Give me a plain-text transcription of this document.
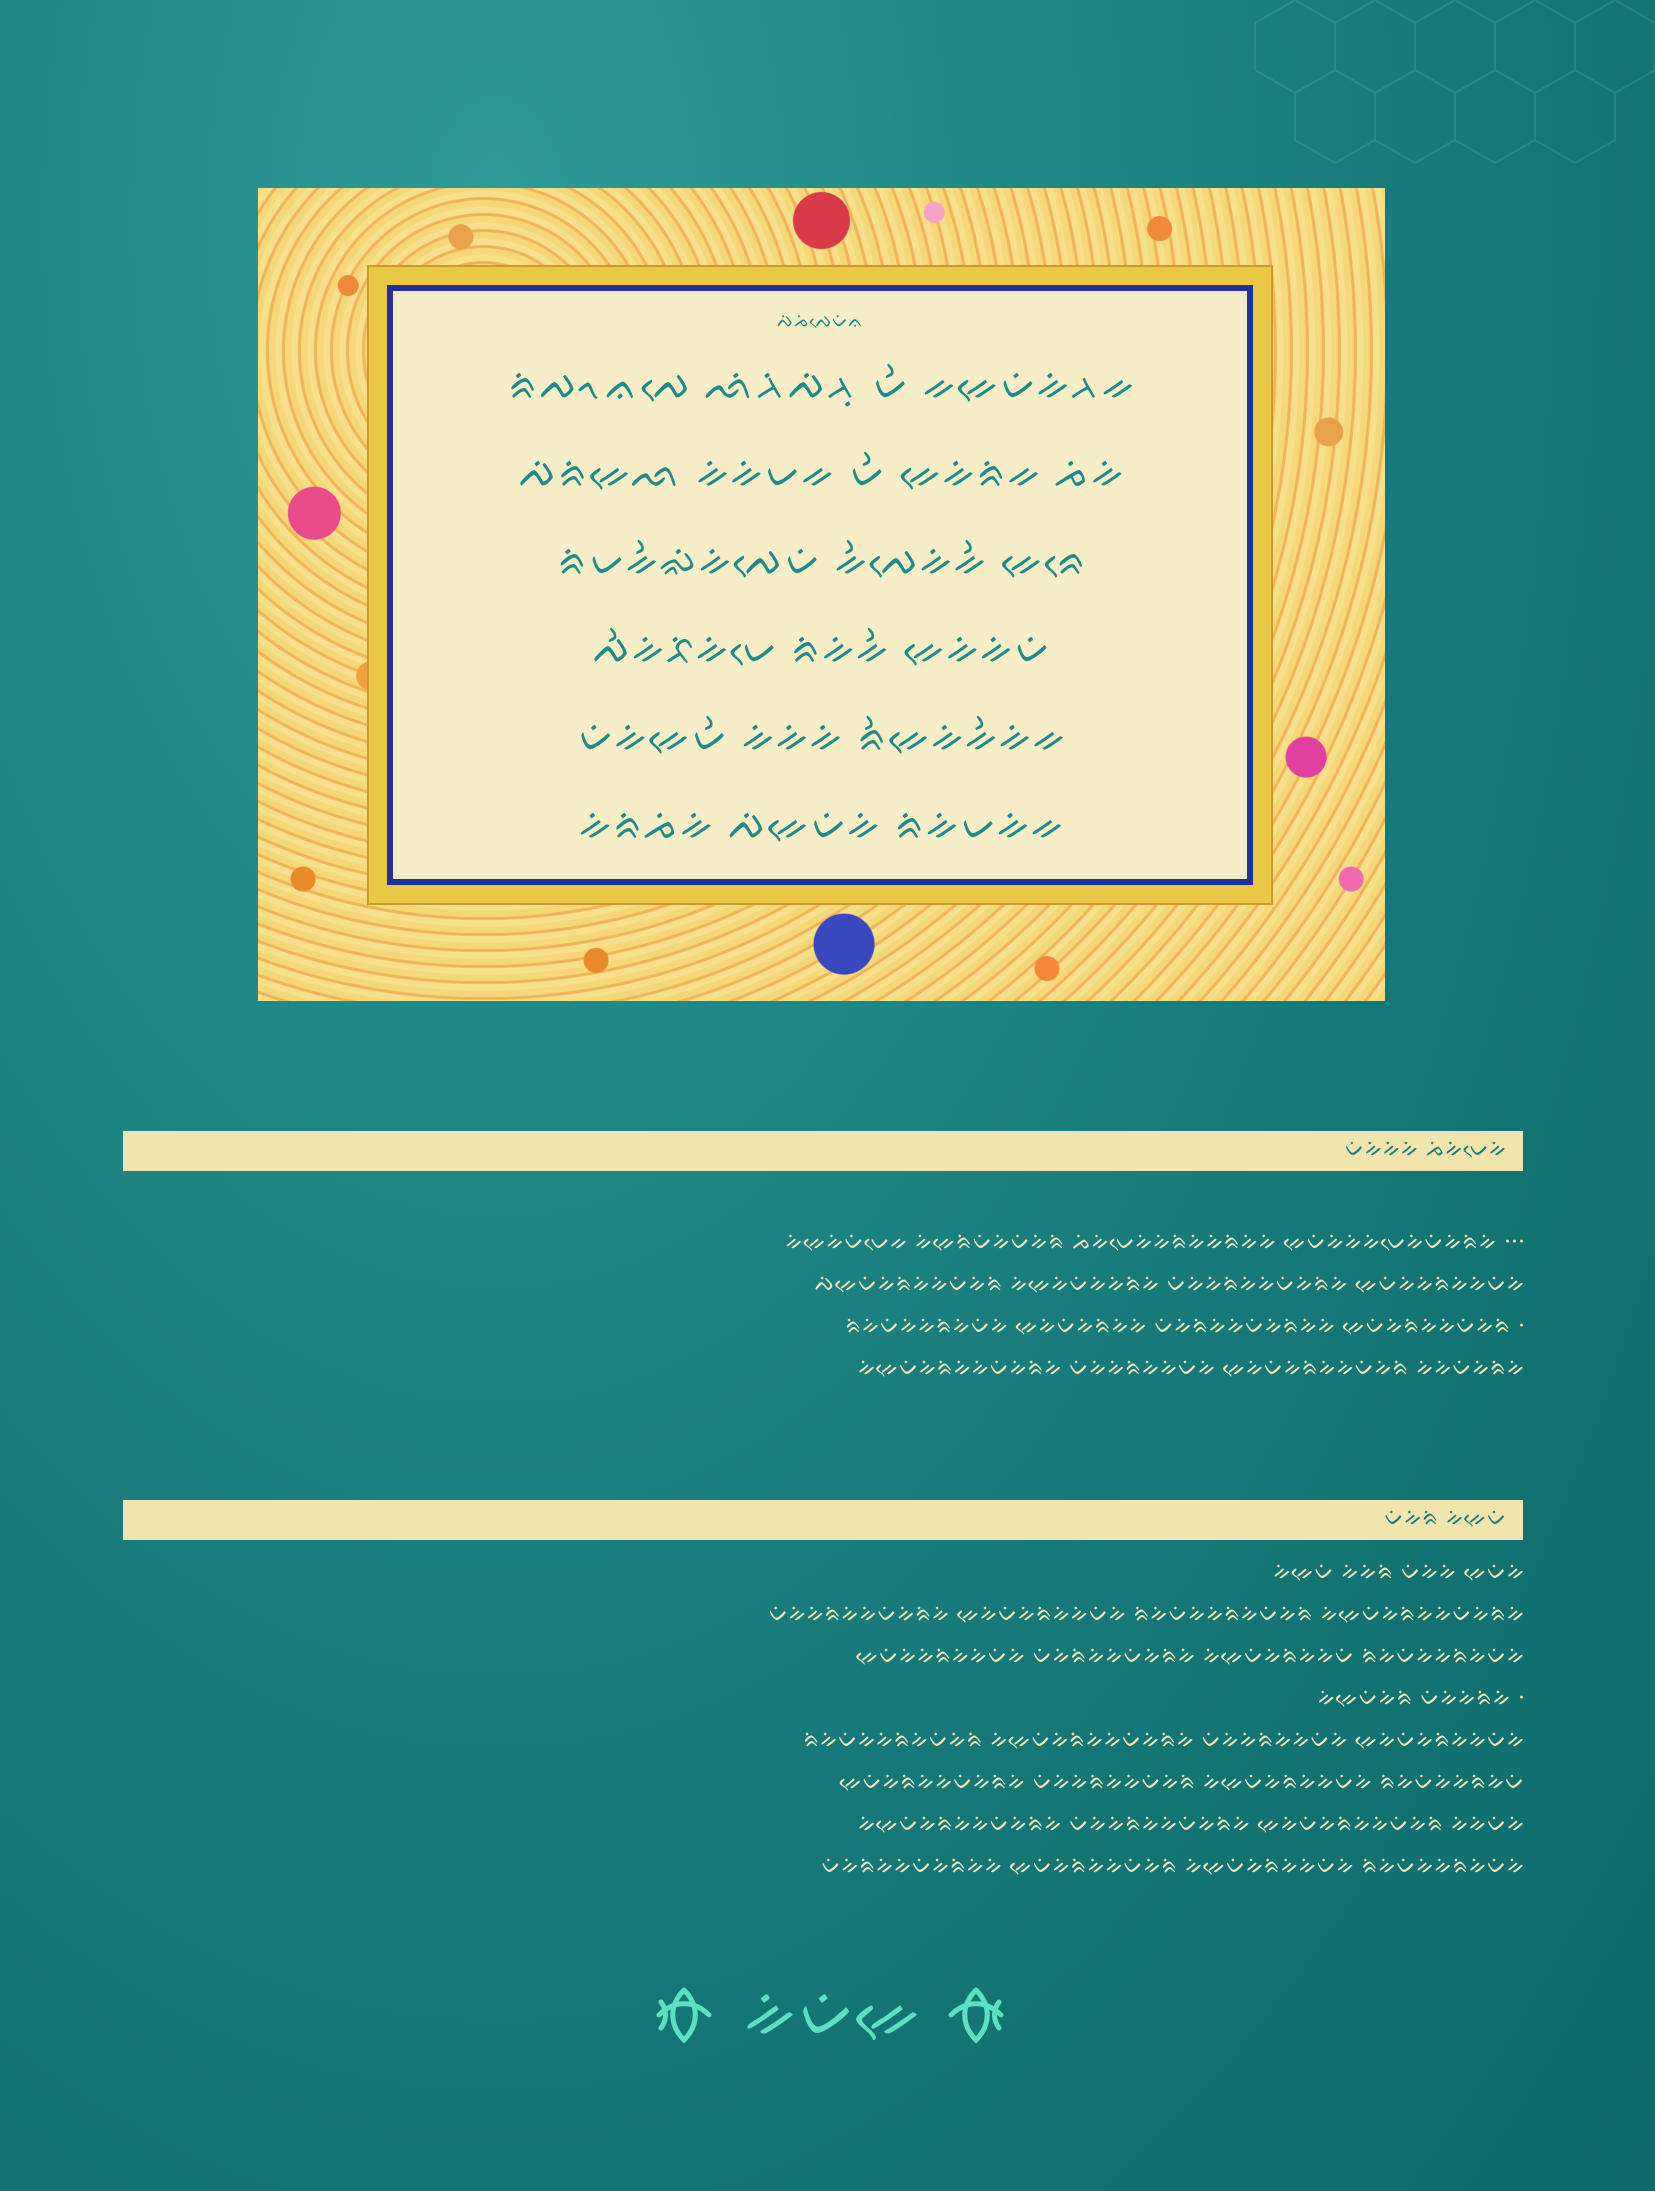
ᨄᨗᨍᨗᨄᨙᨆᨗᨊ
ᨑᨗᨄᨚᨊᨄᨙ ᨒᨗᨂᨗᨄᨗᨂᨘ ᨆᨛ ᨀᨀᨙᨆᨗᨀᨗᨂᨀ
ᨄᨗᨑᨗᨀᨙᨒ ᨀᨗᨀᨗᨆᨀ ᨆᨛ ᨀᨙᨀᨗᨑᨗᨀ ᨍᨗᨀᨗ
ᨑᨗᨆᨀᨛᨋᨗᨀᨗᨄᨙᨆᨗ ᨀᨛᨄᨙᨀᨗᨀᨛ ᨀᨙᨑᨙ
ᨄᨛᨀᨗᨅᨗᨀᨗᨆᨙ ᨑᨗᨀᨗᨀᨛ ᨀᨙᨀᨗᨀᨗᨆᨗ
ᨆᨗᨀᨗᨀᨙᨆᨛ ᨀᨗᨀᨗᨀᨗ ᨑᨛᨀᨙᨀᨗᨀᨛᨀᨗᨀ
ᨀᨗᨑᨗᨍᨗᨀᨗ ᨄᨗᨀᨙᨆᨗᨀᨗ ᨑᨗᨀᨗᨆᨀᨗᨀ
ᨆᨗᨀᨗᨀᨗᨀᨗ ᨍᨗᨀᨗᨆᨙᨀᨗ

ᨀᨗᨀᨙᨀᨗᨆᨗᨆᨙᨀ ᨀᨗᨀᨙᨑᨗᨆᨗᨀᨗᨆᨗᨀᨗᨑᨗ ᨍᨗᨀᨗᨆᨙᨀᨗᨀᨗᨑᨗᨀᨗᨀᨗᨑᨗᨀᨗᨀᨗ ᨀᨙᨆᨗᨀᨗᨀᨗᨀᨗᨆᨙᨀᨗᨆᨗᨀᨗᨑᨗᨀᨗ ···

ᨄᨗᨀᨙᨆᨗᨀᨗᨑᨗᨀᨗᨀᨗᨆᨗᨀᨗᨑᨗ ᨀᨗᨀᨙᨀᨗᨆᨗᨀᨗᨀᨗᨑᨗᨀᨗ ᨆᨗᨀᨗᨀᨗᨑᨗᨀᨗᨀᨗᨆᨗᨀᨗᨑᨗᨀᨗ ᨀᨙᨆᨗᨀᨗᨀᨗᨑᨗᨀᨗᨀᨗᨆᨗᨀᨗ

ᨑᨗᨀᨗᨆᨗᨀᨗᨀᨗᨑᨗᨀᨗᨆᨗᨀᨗ ᨀᨙᨀᨗᨆᨗᨀᨗᨑᨗᨀᨗᨀᨗ ᨆᨗᨀᨗᨑᨗᨀᨗᨀᨗᨆᨗᨀᨗᨑᨗᨀᨗᨀᨗ ᨀᨙᨆᨗᨀᨗᨑᨗᨀᨗᨀᨗᨆᨗᨀᨗᨑᨗ ·

ᨀᨗᨀᨙᨆᨗᨀᨗᨑᨗᨀᨗᨀᨗᨆᨗᨀᨗᨑᨗᨀᨗ ᨆᨗᨀᨗᨀᨗᨑᨗᨀᨗᨀᨗᨆᨗᨀᨗ ᨀᨙᨀᨗᨆᨗᨀᨗᨑᨗᨀᨗᨀᨗᨆᨗᨀᨗᨑᨗ ᨀᨗᨀᨗᨆᨗᨀᨗᨑᨗᨀᨗ

ᨆᨗᨀᨗᨑᨗ ᨀᨗᨀᨙᨆᨗ

ᨀᨗᨀᨙᨆᨗ ᨀᨗᨀᨗᨑᨗ ᨆᨗᨀᨗᨀᨗ ᨀᨙᨆᨗᨀᨗ

ᨆᨗᨀᨗᨀᨗᨑᨗᨀᨗᨀᨗᨆᨗᨀᨗᨑᨗᨀᨗ ᨀᨙᨀᨗᨆᨗᨀᨗᨑᨗᨀᨗᨀᨗᨆᨗᨀᨗ ᨑᨗᨀᨗᨆᨗᨀᨗᨀᨗᨑᨗᨀᨗᨆᨗᨀᨗᨑᨗ ᨀᨗᨀᨙᨆᨗᨀᨗᨑᨗᨀᨗᨀᨗᨆᨗᨀᨗᨑᨗᨀᨗ

ᨀᨙᨆᨗᨀᨗᨀᨗᨑᨗᨀᨗᨀᨗᨆᨗᨀᨗ ᨆᨗᨀᨗᨑᨗᨀᨗᨀᨗᨆᨗᨀᨗᨑᨗᨀᨗ ᨀᨗᨀᨙᨆᨗᨀᨗᨑᨗᨀᨗᨀᨗᨆᨗ ᨑᨗᨀᨗᨆᨗᨀᨗᨀᨗᨑᨗᨀᨗᨆᨗᨀᨗ

ᨀᨗᨀᨙᨆᨗᨀᨗᨑᨗ ᨆᨗᨀᨗᨀᨗᨑᨗᨀᨗ ·

ᨑᨗᨀᨗᨆᨗᨀᨗᨀᨗᨑᨗᨀᨗᨆᨗᨀᨗᨑᨗ ᨀᨗᨀᨙᨆᨗᨀᨗᨑᨗᨀᨗᨀᨗᨆᨗᨀᨗᨑᨗᨀᨗ ᨆᨗᨀᨗᨀᨗᨑᨗᨀᨗᨀᨗᨆᨗᨀᨗ ᨀᨙᨀᨗᨆᨗᨀᨗᨑᨗᨀᨗᨀᨗᨆᨗᨀᨗ

ᨀᨙᨆᨗᨀᨗᨑᨗᨀᨗᨀᨗᨆᨗᨀᨗᨑᨗᨀᨗ ᨆᨗᨀᨗᨀᨗᨑᨗᨀᨗᨀᨗᨆᨗᨀᨗᨑᨗ ᨀᨗᨀᨙᨆᨗᨀᨗᨑᨗᨀᨗᨀᨗᨆᨗᨀᨗ ᨑᨗᨀᨗᨆᨗᨀᨗᨀᨗᨑᨗᨀᨗᨆᨗ

ᨀᨗᨀᨙᨆᨗᨀᨗᨑᨗᨀᨗᨀᨗᨆᨗᨀᨗᨑᨗᨀᨗ ᨆᨗᨀᨗᨀᨗᨑᨗᨀᨗᨀᨗᨆᨗᨀᨗᨑᨗᨀᨗ ᨀᨙᨀᨗᨆᨗᨀᨗᨑᨗᨀᨗᨀᨗᨆᨗᨀᨗᨑᨗ ᨀᨗᨀᨗᨆᨗᨀᨗ

ᨆᨗᨀᨗᨑᨗᨀᨗᨀᨗᨆᨗᨀᨗᨑᨗᨀᨗᨀᨗ ᨀᨙᨆᨗᨀᨗᨑᨗᨀᨗᨀᨗᨆᨗᨀᨗᨑᨗ ᨀᨗᨀᨙᨆᨗᨀᨗᨑᨗᨀᨗᨀᨗᨆᨗᨀᨗ ᨑᨗᨀᨗᨆᨗᨀᨗᨀᨗᨑᨗᨀᨗᨆᨗᨀᨗ

ᨀᨗᨆᨗᨀᨙ
